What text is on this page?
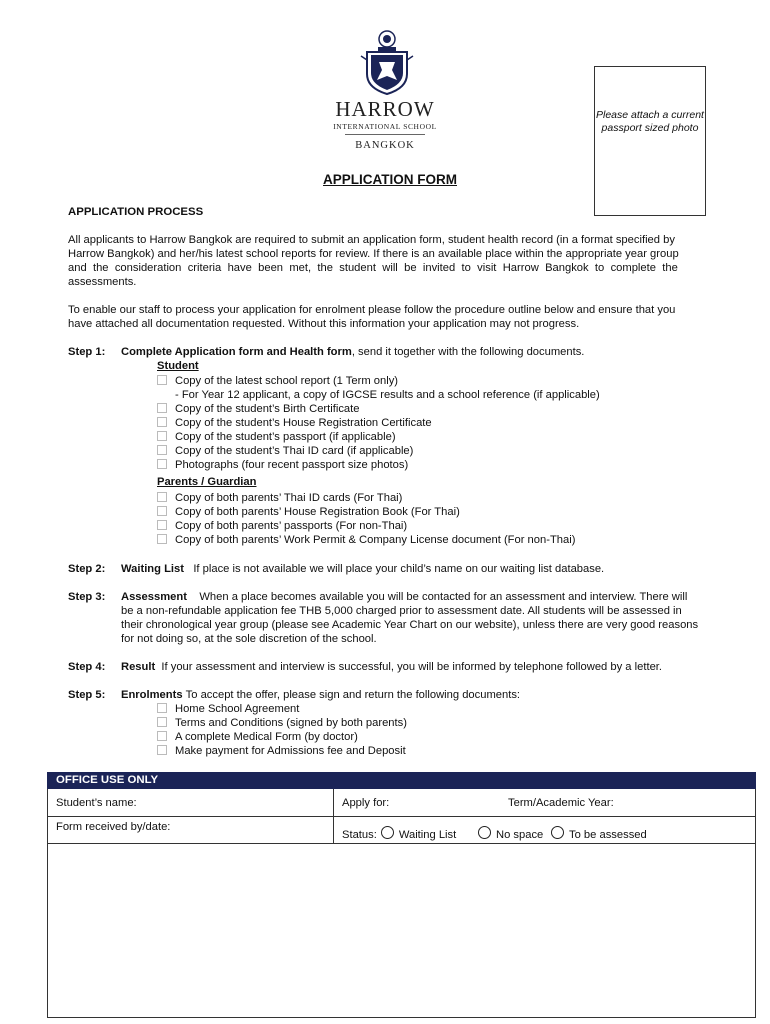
HARROW
INTERNATIONAL SCHOOL
BANGKOK
Please attach a current passport sized photo
APPLICATION FORM
APPLICATION PROCESS
All applicants to Harrow Bangkok are required to submit an application form, student health record (in a format specified by
Harrow Bangkok) and her/his latest school reports for review. If there is an available place within the appropriate year group
and the consideration criteria have been met, the student will be invited to visit Harrow Bangkok to complete the
assessments.
To enable our staff to process your application for enrolment please follow the procedure outline below and ensure that you
have attached all documentation requested. Without this information your application may not progress.
Step 1: Complete Application form and Health form, send it together with the following documents.
Student
Copy of the latest school report (1 Term only)
- For Year 12 applicant, a copy of IGCSE results and a school reference (if applicable)
Copy of the student’s Birth Certificate
Copy of the student’s House Registration Certificate
Copy of the student’s passport (if applicable)
Copy of the student’s Thai ID card (if applicable)
Photographs (four recent passport size photos)
Parents / Guardian
Copy of both parents’ Thai ID cards (For Thai)
Copy of both parents’ House Registration Book (For Thai)
Copy of both parents’ passports (For non-Thai)
Copy of both parents’ Work Permit & Company License document (For non-Thai)
Step 2: Waiting List If place is not available we will place your child’s name on our waiting list database.
Step 3: Assessment When a place becomes available you will be contacted for an assessment and interview. There will
be a non-refundable application fee THB 5,000 charged prior to assessment date. All students will be assessed in
their chronological year group (please see Academic Year Chart on our website), unless there are very good reasons
for not doing so, at the sole discretion of the school.
Step 4: Result If your assessment and interview is successful, you will be informed by telephone followed by a letter.
Step 5: Enrolments To accept the offer, please sign and return the following documents:
Home School Agreement
Terms and Conditions (signed by both parents)
A complete Medical Form (by doctor)
Make payment for Admissions fee and Deposit
OFFICE USE ONLY
Student’s name:	Apply for:	Term/Academic Year:
Form received by/date:
Status: Waiting List	No space	To be assessed
